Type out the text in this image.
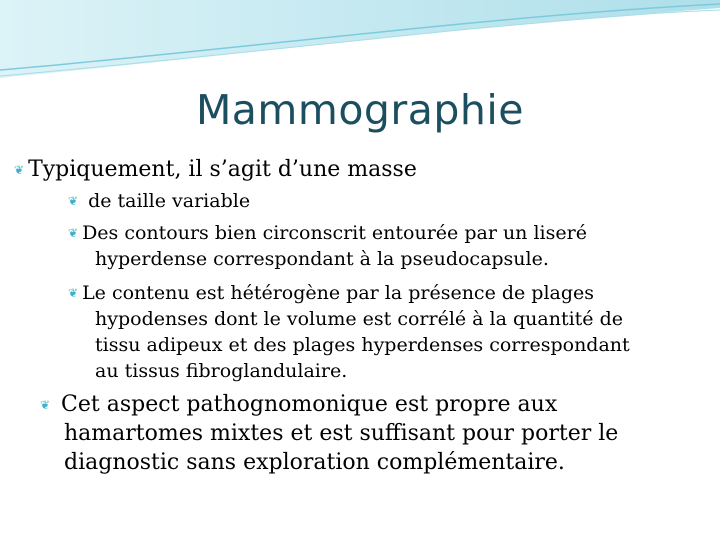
Mammographie
❦ Typiquement, il s’agit d’une masse
❦ de taille variable
❦ Des contours bien circonscrit entourée par un liseré
hyperdense correspondant à la pseudocapsule.
❦ Le contenu est hétérogène par la présence de plages
hypodenses dont le volume est corrélé à la quantité de
tissu adipeux et des plages hyperdenses correspondant
au tissus fibroglandulaire.
❦ Cet aspect pathognomonique est propre aux
hamartomes mixtes et est suffisant pour porter le
diagnostic sans exploration complémentaire.
